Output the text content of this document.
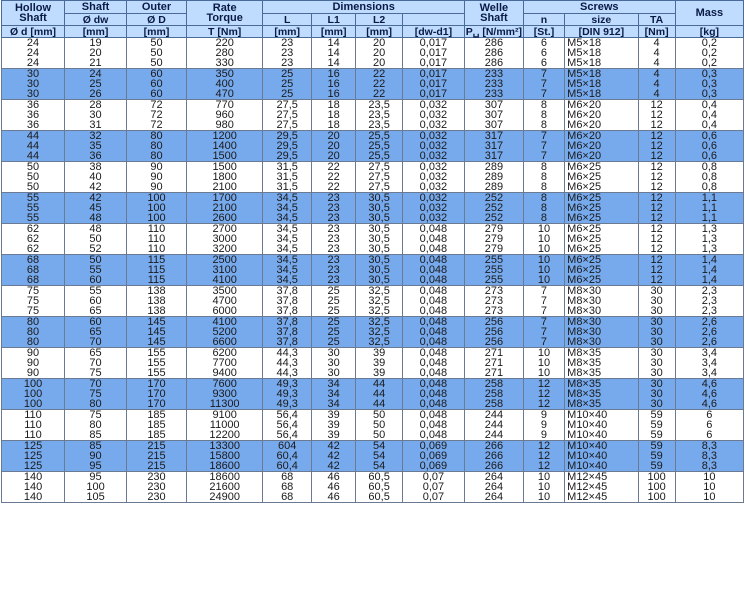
Hollow
Shaft	Shaft	Outer	Rate
Torque	Dimensions				Welle
Shaft	Screws			Mass
	Ø dw	Ø D		L	L1	L2			n	size	TA	
Ø d [mm]	[mm]	[mm]	T [Nm]	[mm]	[mm]	[mm]	[dw-d1]	P␣ [N/mm²]	[St.]	[DIN 912]	[Nm]	[kg]
24	19	50	220	23	14	20	0,017	286	6	M5×18	4	0,2
24	20	50	280	23	14	20	0,017	286	6	M5×18	4	0,2
24	21	50	330	23	14	20	0,017	286	6	M5×18	4	0,2
30	24	60	350	25	16	22	0,017	233	7	M5×18	4	0,3
30	25	60	400	25	16	22	0,017	233	7	M5×18	4	0,3
30	26	60	470	25	16	22	0,017	233	7	M5×18	4	0,3
36	28	72	770	27,5	18	23,5	0,032	307	8	M6×20	12	0,4
36	30	72	960	27,5	18	23,5	0,032	307	8	M6×20	12	0,4
36	31	72	980	27,5	18	23,5	0,032	307	8	M6×20	12	0,4
44	32	80	1200	29,5	20	25,5	0,032	317	7	M6×20	12	0,6
44	35	80	1400	29,5	20	25,5	0,032	317	7	M6×20	12	0,6
44	36	80	1500	29,5	20	25,5	0,032	317	7	M6×20	12	0,6
50	38	90	1500	31,5	22	27,5	0,032	289	8	M6×25	12	0,8
50	40	90	1800	31,5	22	27,5	0,032	289	8	M6×25	12	0,8
50	42	90	2100	31,5	22	27,5	0,032	289	8	M6×25	12	0,8
55	42	100	1700	34,5	23	30,5	0,032	252	8	M6×25	12	1,1
55	45	100	2100	34,5	23	30,5	0,032	252	8	M6×25	12	1,1
55	48	100	2600	34,5	23	30,5	0,032	252	8	M6×25	12	1,1
62	48	110	2700	34,5	23	30,5	0,048	279	10	M6×25	12	1,3
62	50	110	3000	34,5	23	30,5	0,048	279	10	M6×25	12	1,3
62	52	110	3200	34,5	23	30,5	0,048	279	10	M6×25	12	1,3
68	50	115	2500	34,5	23	30,5	0,048	255	10	M6×25	12	1,4
68	55	115	3100	34,5	23	30,5	0,048	255	10	M6×25	12	1,4
68	60	115	4100	34,5	23	30,5	0,048	255	10	M6×25	12	1,4
75	55	138	3500	37,8	25	32,5	0,048	273	7	M8×30	30	2,3
75	60	138	4700	37,8	25	32,5	0,048	273	7	M8×30	30	2,3
75	65	138	6000	37,8	25	32,5	0,048	273	7	M8×30	30	2,3
80	60	145	4100	37,8	25	32,5	0,048	256	7	M8×30	30	2,6
80	65	145	5200	37,8	25	32,5	0,048	256	7	M8×30	30	2,6
80	70	145	6600	37,8	25	32,5	0,048	256	7	M8×30	30	2,6
90	65	155	6200	44,3	30	39	0,048	271	10	M8×35	30	3,4
90	70	155	7700	44,3	30	39	0,048	271	10	M8×35	30	3,4
90	75	155	9400	44,3	30	39	0,048	271	10	M8×35	30	3,4
100	70	170	7600	49,3	34	44	0,048	258	12	M8×35	30	4,6
100	75	170	9300	49,3	34	44	0,048	258	12	M8×35	30	4,6
100	80	170	11300	49,3	34	44	0,048	258	12	M8×35	30	4,6
110	75	185	9100	56,4	39	50	0,048	244	9	M10×40	59	6
110	80	185	11000	56,4	39	50	0,048	244	9	M10×40	59	6
110	85	185	12200	56,4	39	50	0,048	244	9	M10×40	59	6
125	85	215	13300	604	42	54	0,069	266	12	M10×40	59	8,3
125	90	215	15800	60,4	42	54	0,069	266	12	M10×40	59	8,3
125	95	215	18600	60,4	42	54	0,069	266	12	M10×40	59	8,3
140	95	230	18600	68	46	60,5	0,07	264	10	M12×45	100	10
140	100	230	21600	68	46	60,5	0,07	264	10	M12×45	100	10
140	105	230	24900	68	46	60,5	0,07	264	10	M12×45	100	10
